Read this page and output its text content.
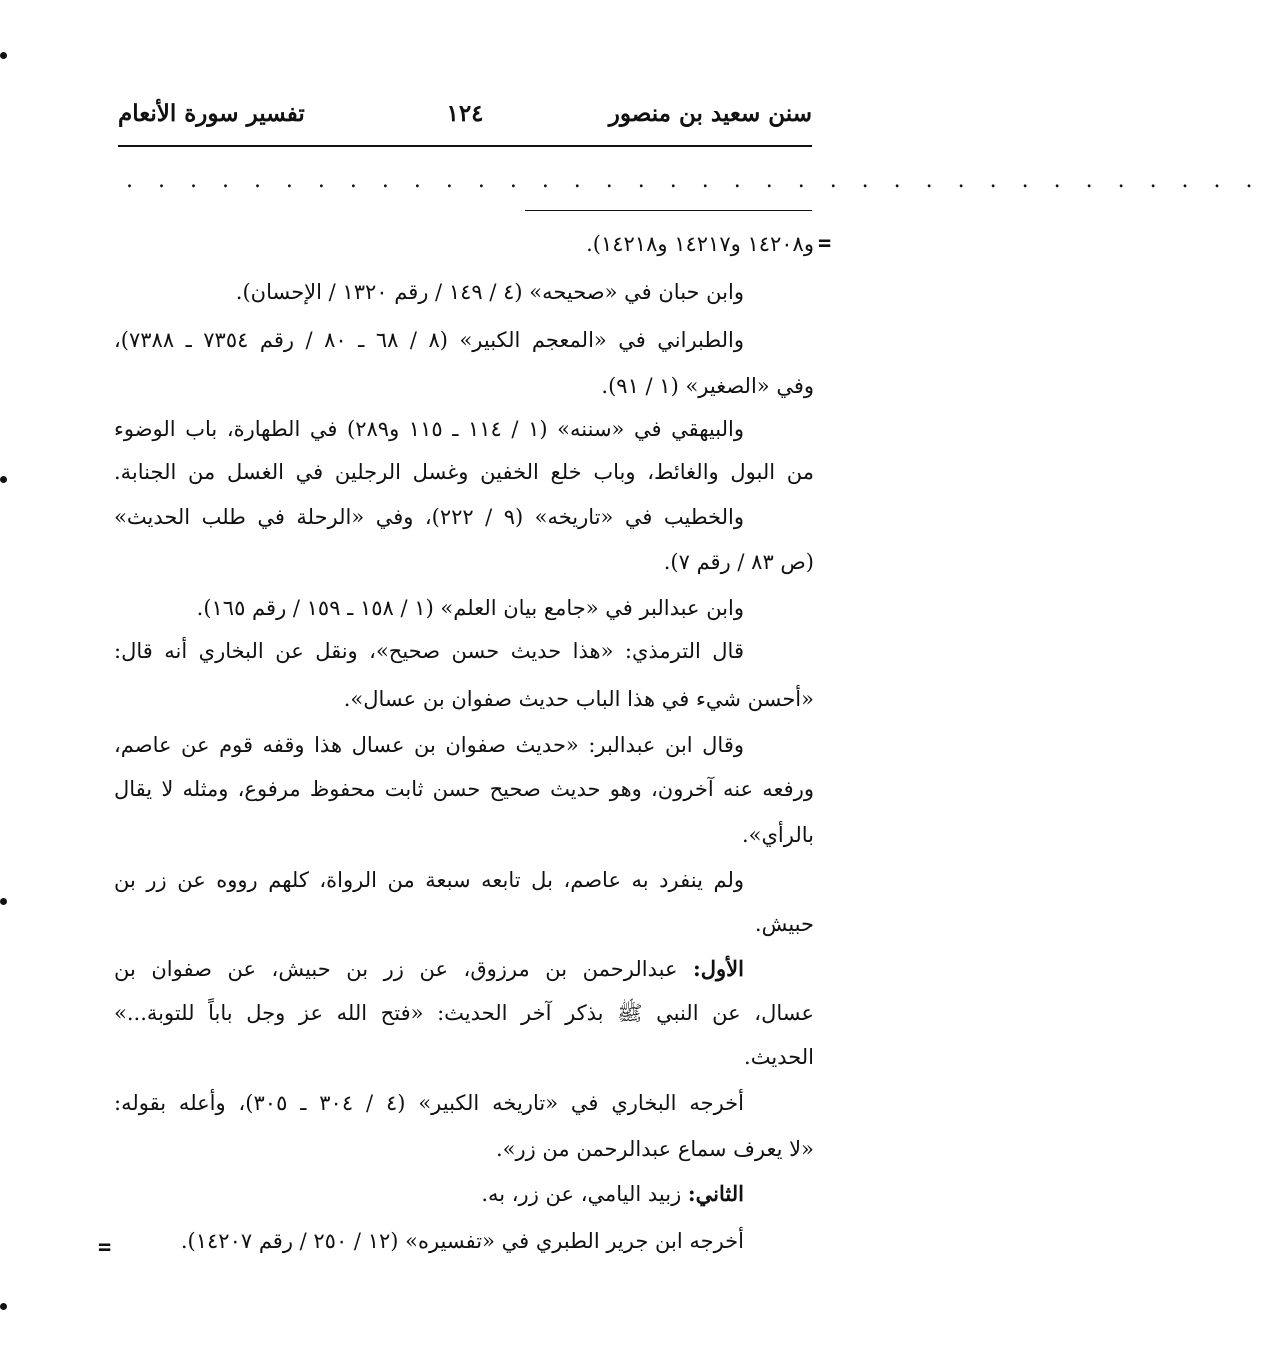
سنن سعيد بن منصور
١٢٤
تفسير سورة الأنعام
. . . . . . . . . . . . . . . . . . . . . . . . . . . . . . . . . . . .
=
=
و١٤٢٠٨ و١٤٢١٧ و١٤٢١٨).
وابن حبان في «صحيحه» (٤ / ١٤٩ / رقم ١٣٢٠ / الإحسان).
والطبراني في «المعجم الكبير» (٨ / ٦٨ ـ ٨٠ / رقم ٧٣٥٤ ـ ٧٣٨٨)،
وفي «الصغير» (١ / ٩١).
والبيهقي في «سننه» (١ / ١١٤ ـ ١١٥ و٢٨٩) في الطهارة، باب الوضوء
من البول والغائط، وباب خلع الخفين وغسل الرجلين في الغسل من الجنابة.
والخطيب في «تاريخه» (٩ / ٢٢٢)، وفي «الرحلة في طلب الحديث»
(ص ٨٣ / رقم ٧).
وابن عبدالبر في «جامع بيان العلم» (١ / ١٥٨ ـ ١٥٩ / رقم ١٦٥).
قال الترمذي: «هذا حديث حسن صحيح»، ونقل عن البخاري أنه قال:
«أحسن شيء في هذا الباب حديث صفوان بن عسال».
وقال ابن عبدالبر: «حديث صفوان بن عسال هذا وقفه قوم عن عاصم،
ورفعه عنه آخرون، وهو حديث صحيح حسن ثابت محفوظ مرفوع، ومثله لا يقال
بالرأي».
ولم ينفرد به عاصم، بل تابعه سبعة من الرواة، كلهم رووه عن زر بن
حبيش.
الأول: عبدالرحمن بن مرزوق، عن زر بن حبيش، عن صفوان بن
عسال، عن النبي ﷺ بذكر آخر الحديث: «فتح الله عز وجل باباً للتوبة...»
الحديث.
أخرجه البخاري في «تاريخه الكبير» (٤ / ٣٠٤ ـ ٣٠٥)، وأعله بقوله:
«لا يعرف سماع عبدالرحمن من زر».
الثاني: زبيد اليامي، عن زر، به.
أخرجه ابن جرير الطبري في «تفسيره» (١٢ / ٢٥٠ / رقم ١٤٢٠٧).
